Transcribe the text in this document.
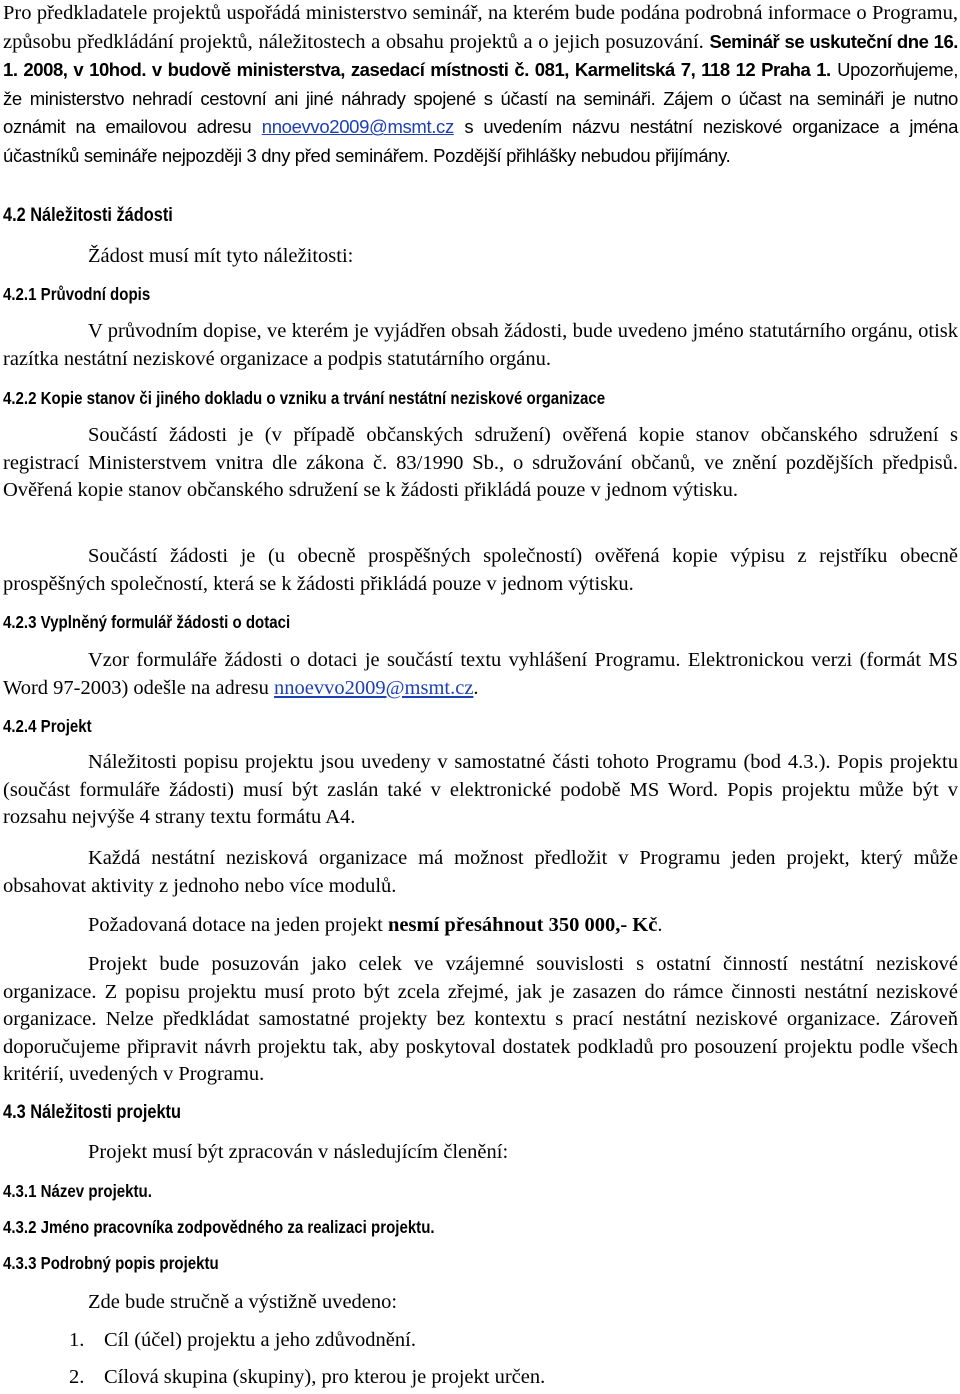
Pro předkladatele projektů uspořádá ministerstvo seminář, na kterém bude podána podrobná informace o Programu, způsobu předkládání projektů, náležitostech a obsahu projektů a o jejich posuzování. Seminář se uskuteční dne 16. 1. 2008, v 10hod. v budově ministerstva, zasedací místnosti č. 081, Karmelitská 7, 118 12 Praha 1. Upozorňujeme, že ministerstvo nehradí cestovní ani jiné náhrady spojené s účastí na semináři. Zájem o účast na semináři je nutno oznámit na emailovou adresu nnoevvo2009@msmt.cz s uvedením názvu nestátní neziskové organizace a jména účastníků semináře nejpozději 3 dny před seminářem. Pozdější přihlášky nebudou přijímány.
4.2 Náležitosti žádosti
Žádost musí mít tyto náležitosti:
4.2.1 Průvodní dopis
V průvodním dopise, ve kterém je vyjádřen obsah žádosti, bude uvedeno jméno statutárního orgánu, otisk razítka nestátní neziskové organizace a podpis statutárního orgánu.
4.2.2 Kopie stanov či jiného dokladu o vzniku a trvání nestátní neziskové organizace
Součástí žádosti je (v případě občanských sdružení) ověřená kopie stanov občanského sdružení s registrací Ministerstvem vnitra dle zákona č. 83/1990 Sb., o sdružování občanů, ve znění pozdějších předpisů. Ověřená kopie stanov občanského sdružení se k žádosti přikládá pouze v jednom výtisku.
Součástí žádosti je (u obecně prospěšných společností) ověřená kopie výpisu z rejstříku obecně prospěšných společností, která se k žádosti přikládá pouze v jednom výtisku.
4.2.3 Vyplněný formulář žádosti o dotaci
Vzor formuláře žádosti o dotaci je součástí textu vyhlášení Programu. Elektronickou verzi (formát MS Word 97-2003) odešle na adresu nnoevvo2009@msmt.cz.
4.2.4 Projekt
Náležitosti popisu projektu jsou uvedeny v samostatné části tohoto Programu (bod 4.3.). Popis projektu (součást formuláře žádosti) musí být zaslán také v elektronické podobě MS Word. Popis projektu může být v rozsahu nejvýše 4 strany textu formátu A4.
Každá nestátní nezisková organizace má možnost předložit v Programu jeden projekt, který může obsahovat aktivity z jednoho nebo více modulů.
Požadovaná dotace na jeden projekt nesmí přesáhnout 350 000,- Kč.
Projekt bude posuzován jako celek ve vzájemné souvislosti s ostatní činností nestátní neziskové organizace. Z popisu projektu musí proto být zcela zřejmé, jak je zasazen do rámce činnosti nestátní neziskové organizace. Nelze předkládat samostatné projekty bez kontextu s prací nestátní neziskové organizace. Zároveň doporučujeme připravit návrh projektu tak, aby poskytoval dostatek podkladů pro posouzení projektu podle všech kritérií, uvedených v Programu.
4.3 Náležitosti projektu
Projekt musí být zpracován v následujícím členění:
4.3.1 Název projektu.
4.3.2 Jméno pracovníka zodpovědného za realizaci projektu.
4.3.3 Podrobný popis projektu
Zde bude stručně a výstižně uvedeno:
1. Cíl (účel) projektu a jeho zdůvodnění.
2. Cílová skupina (skupiny), pro kterou je projekt určen.
